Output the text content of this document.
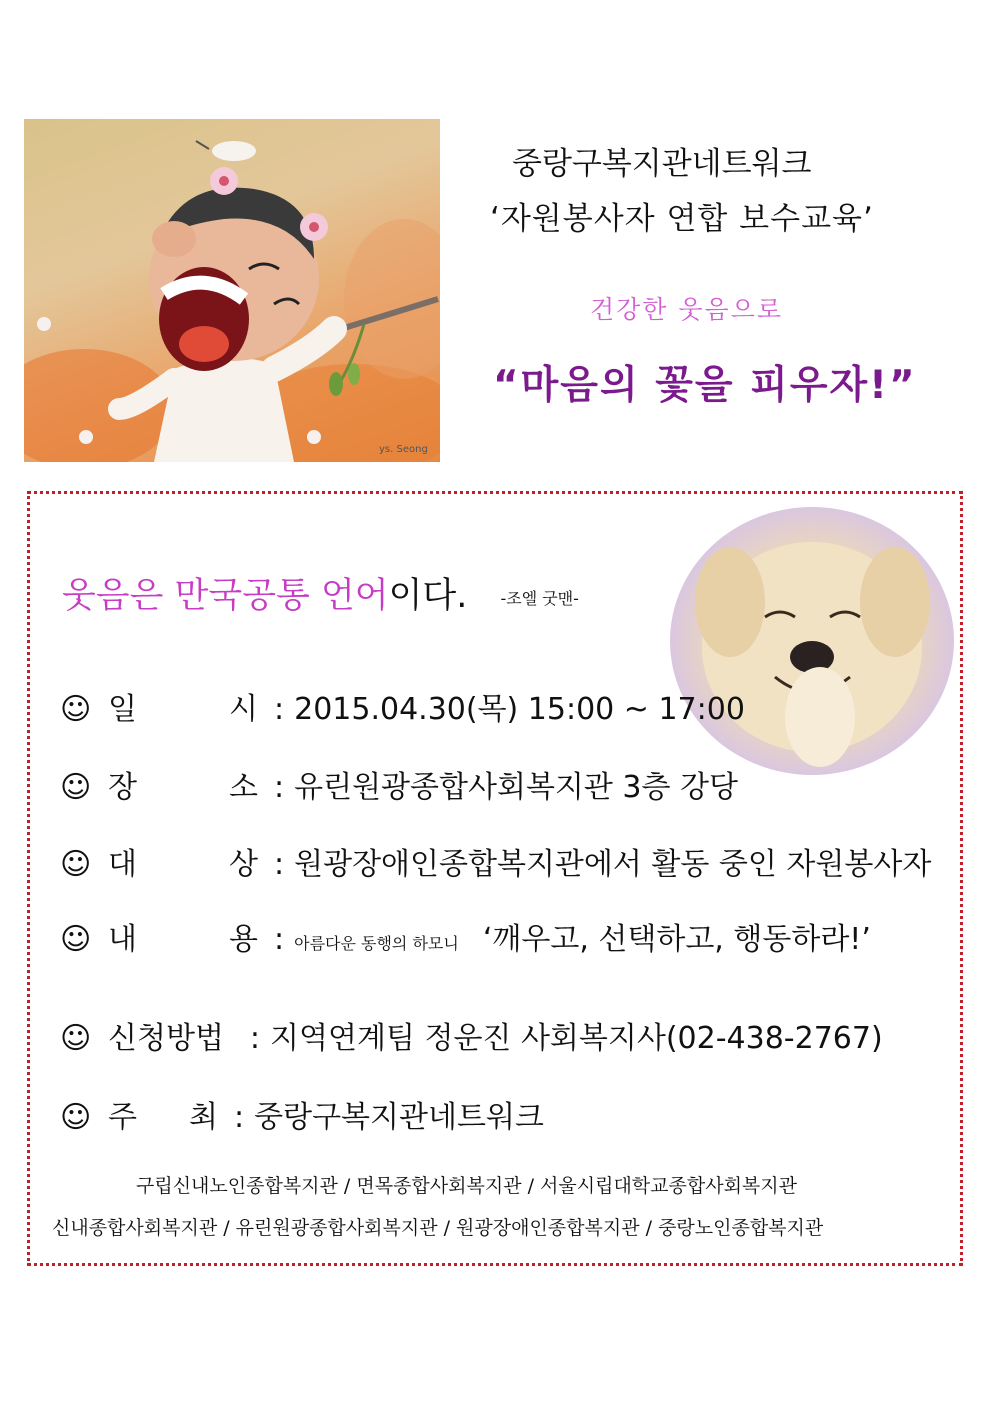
ys. Seong
중랑구복지관네트워크
‘자원봉사자 연합 보수교육’
건강한 웃음으로
“마음의 꽃을 피우자!”
웃음은 만국공통 언어이다. -조엘 굿맨-
☺ 일	시 : 2015.04.30(목) 15:00 ~ 17:00
☺ 장	소 : 유린원광종합사회복지관 3층 강당
☺ 대	상 : 원광장애인종합복지관에서 활동 중인 자원봉사자
☺ 내	용 : 아름다운 동행의 하모니 ‘깨우고, 선택하고, 행동하라!’
☺ 신청방법 : 지역연계팀 정운진 사회복지사(02-438-2767)
☺ 주 최 : 중랑구복지관네트워크
구립신내노인종합복지관 / 면목종합사회복지관 / 서울시립대학교종합사회복지관
신내종합사회복지관 / 유린원광종합사회복지관 / 원광장애인종합복지관 / 중랑노인종합복지관
